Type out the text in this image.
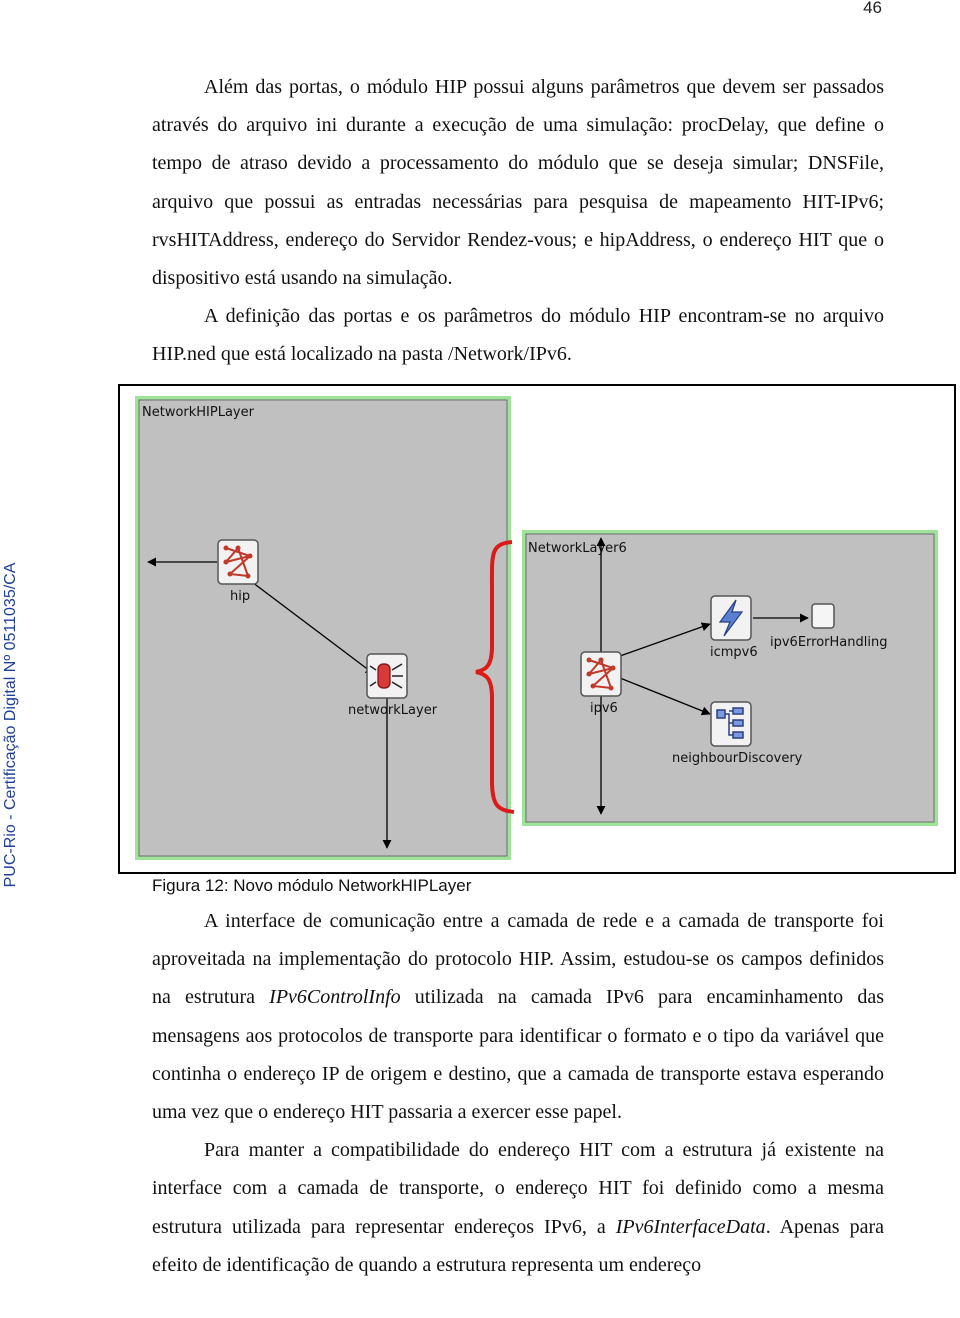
46
PUC-Rio - Certificação Digital Nº 0511035/CA

Além das portas, o módulo HIP possui alguns parâmetros que devem ser passados através do arquivo ini durante a execução de uma simulação: procDelay, que define o tempo de atraso devido a processamento do módulo que se deseja simular; DNSFile, arquivo que possui as entradas necessárias para pesquisa de mapeamento HIT-IPv6; rvsHITAddress, endereço do Servidor Rendez-vous; e hipAddress, o endereço HIT que o dispositivo está usando na simulação.

A definição das portas e os parâmetros do módulo HIP encontram-se no arquivo HIP.ned que está localizado na pasta /Network/IPv6.

NetworkHIPLayer
NetworkLayer6
hip
networkLayer	ipv6
icmpv6
ipv6ErrorHandling
neighbourDiscovery
Figura 12: Novo módulo NetworkHIPLayer

A interface de comunicação entre a camada de rede e a camada de transporte foi aproveitada na implementação do protocolo HIP. Assim, estudou-se os campos definidos na estrutura IPv6ControlInfo utilizada na camada IPv6 para encaminhamento das mensagens aos protocolos de transporte para identificar o formato e o tipo da variável que continha o endereço IP de origem e destino, que a camada de transporte estava esperando uma vez que o endereço HIT passaria a exercer esse papel.

Para manter a compatibilidade do endereço HIT com a estrutura já existente na interface com a camada de transporte, o endereço HIT foi definido como a mesma estrutura utilizada para representar endereços IPv6, a IPv6InterfaceData. Apenas para efeito de identificação de quando a estrutura representa um endereço
